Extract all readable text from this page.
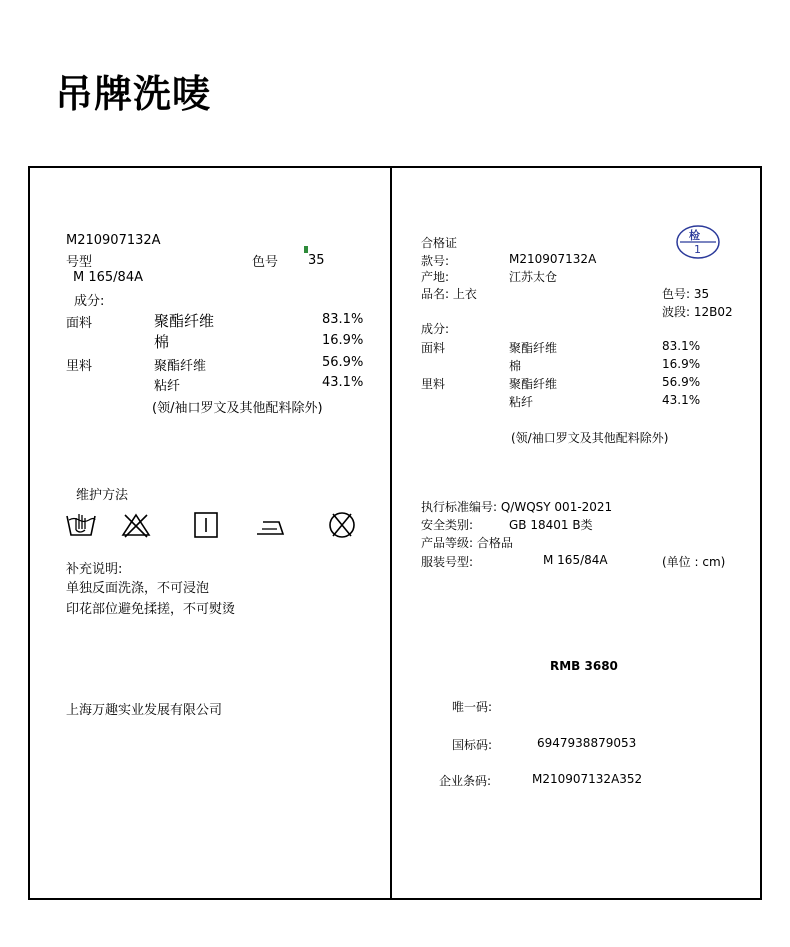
吊牌洗唛
M210907132A
号型	色号 35
M 165/84A
成分:
面料	聚酯纤维	83.1%
棉	16.9%
里料	聚酯纤维	56.9%
粘纤	43.1%
(领/袖口罗文及其他配料除外)
维护方法
补充说明:
单独反面洗涤，不可浸泡
印花部位避免揉搓，不可熨烫
上海万趣实业发展有限公司
合格证
检
1
款号:	M210907132A
产地:	江苏太仓
品名: 上衣	色号: 35
波段: 12B02
成分:
面料	聚酯纤维	83.1%
棉	16.9%
里料	聚酯纤维	56.9%
粘纤	43.1%
(领/袖口罗文及其他配料除外)
执行标准编号: Q/WQSY 001-2021
安全类别:	GB 18401 B类
产品等级: 合格品
服装号型:	M 165/84A	(单位 : cm)
RMB 3680
唯一码:
国标码:	6947938879053
企业条码:	M210907132A352
